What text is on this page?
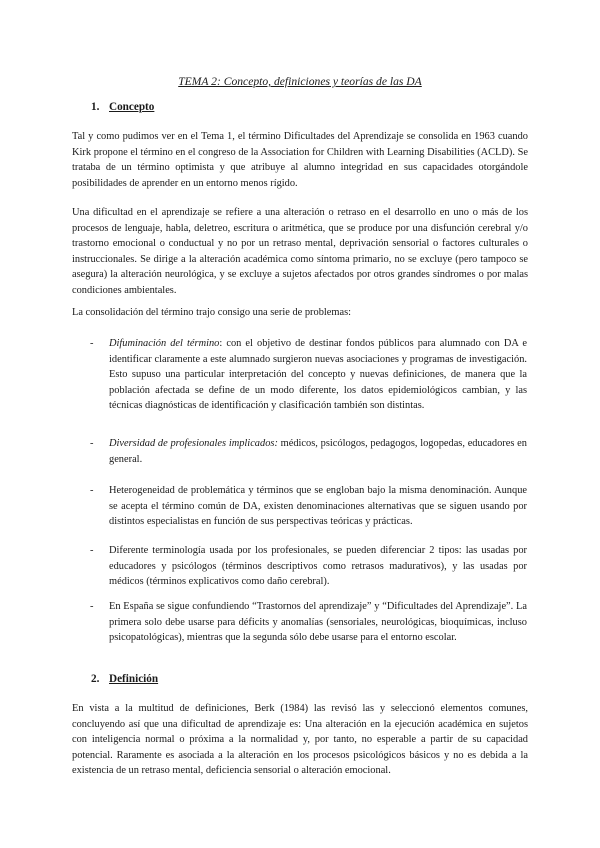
TEMA 2: Concepto, definiciones y teorías de las DA
1. Concepto

Tal y como pudimos ver en el Tema 1, el término Dificultades del Aprendizaje se consolida en 1963 cuando Kirk propone el término en el congreso de la Association for Children with Learning Disabilities (ACLD). Se trataba de un término optimista y que atribuye al alumno integridad en sus capacidades otorgándole posibilidades de aprender en un entorno menos rígido.

Una dificultad en el aprendizaje se refiere a una alteración o retraso en el desarrollo en uno o más de los procesos de lenguaje, habla, deletreo, escritura o aritmética, que se produce por una disfunción cerebral y/o trastorno emocional o conductual y no por un retraso mental, deprivación sensorial o factores culturales o instruccionales. Se dirige a la alteración académica como síntoma primario, no se excluye (pero tampoco se asegura) la alteración neurológica, y se excluye a sujetos afectados por otros grandes síndromes o por malas condiciones ambientales.

La consolidación del término trajo consigo una serie de problemas:

- Difuminación del término: con el objetivo de destinar fondos públicos para alumnado con DA e identificar claramente a este alumnado surgieron nuevas asociaciones y programas de investigación. Esto supuso una particular interpretación del concepto y nuevas definiciones, de manera que la población afectada se define de un modo diferente, los datos epidemiológicos cambian, y las técnicas diagnósticas de identificación y clasificación también son distintas.
- Diversidad de profesionales implicados: médicos, psicólogos, pedagogos, logopedas, educadores en general.
- Heterogeneidad de problemática y términos que se engloban bajo la misma denominación. Aunque se acepta el término común de DA, existen denominaciones alternativas que se siguen usando por distintos especialistas en función de sus perspectivas teóricas y prácticas.
- Diferente terminología usada por los profesionales, se pueden diferenciar 2 tipos: las usadas por educadores y psicólogos (términos descriptivos como retrasos madurativos), y las usadas por médicos (términos explicativos como daño cerebral).
- En España se sigue confundiendo “Trastornos del aprendizaje” y “Dificultades del Aprendizaje”. La primera solo debe usarse para déficits y anomalías (sensoriales, neurológicas, bioquímicas, incluso psicopatológicas), mientras que la segunda sólo debe usarse para el entorno escolar.
2. Definición

En vista a la multitud de definiciones, Berk (1984) las revisó las y seleccionó elementos comunes, concluyendo así que una dificultad de aprendizaje es: Una alteración en la ejecución académica en sujetos con inteligencia normal o próxima a la normalidad y, por tanto, no esperable a partir de su capacidad potencial. Raramente es asociada a la alteración en los procesos psicológicos básicos y no es debida a la existencia de un retraso mental, deficiencia sensorial o alteración emocional.
